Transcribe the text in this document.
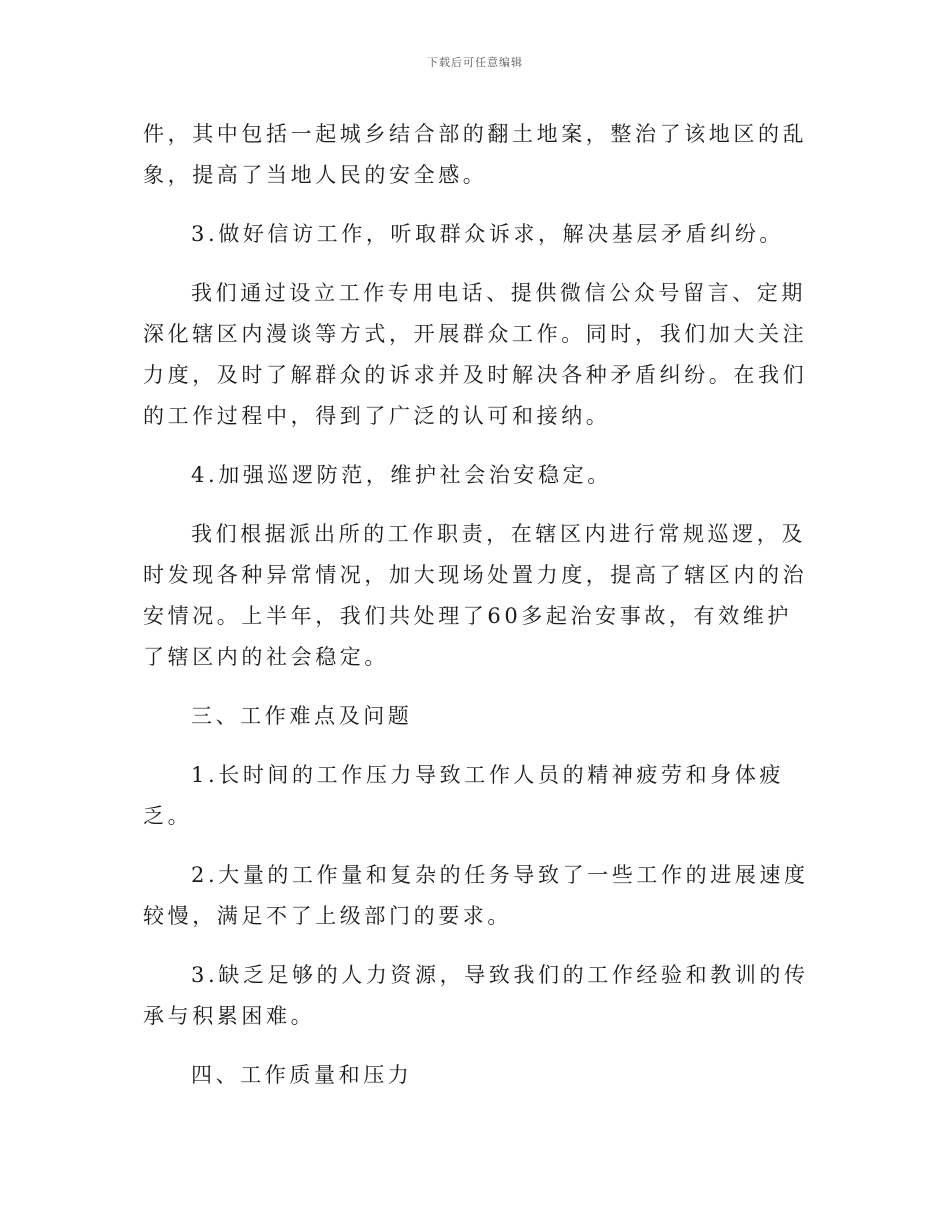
下载后可任意编辑

件，其中包括一起城乡结合部的翻土地案，整治了该地区的乱象，提高了当地人民的安全感。

3.做好信访工作，听取群众诉求，解决基层矛盾纠纷。

我们通过设立工作专用电话、提供微信公众号留言、定期深化辖区内漫谈等方式，开展群众工作。同时，我们加大关注力度，及时了解群众的诉求并及时解决各种矛盾纠纷。在我们的工作过程中，得到了广泛的认可和接纳。

4.加强巡逻防范，维护社会治安稳定。

我们根据派出所的工作职责，在辖区内进行常规巡逻，及时发现各种异常情况，加大现场处置力度，提高了辖区内的治安情况。上半年，我们共处理了60多起治安事故，有效维护了辖区内的社会稳定。

三、工作难点及问题

1.长时间的工作压力导致工作人员的精神疲劳和身体疲乏。

2.大量的工作量和复杂的任务导致了一些工作的进展速度较慢，满足不了上级部门的要求。

3.缺乏足够的人力资源，导致我们的工作经验和教训的传承与积累困难。

四、工作质量和压力
